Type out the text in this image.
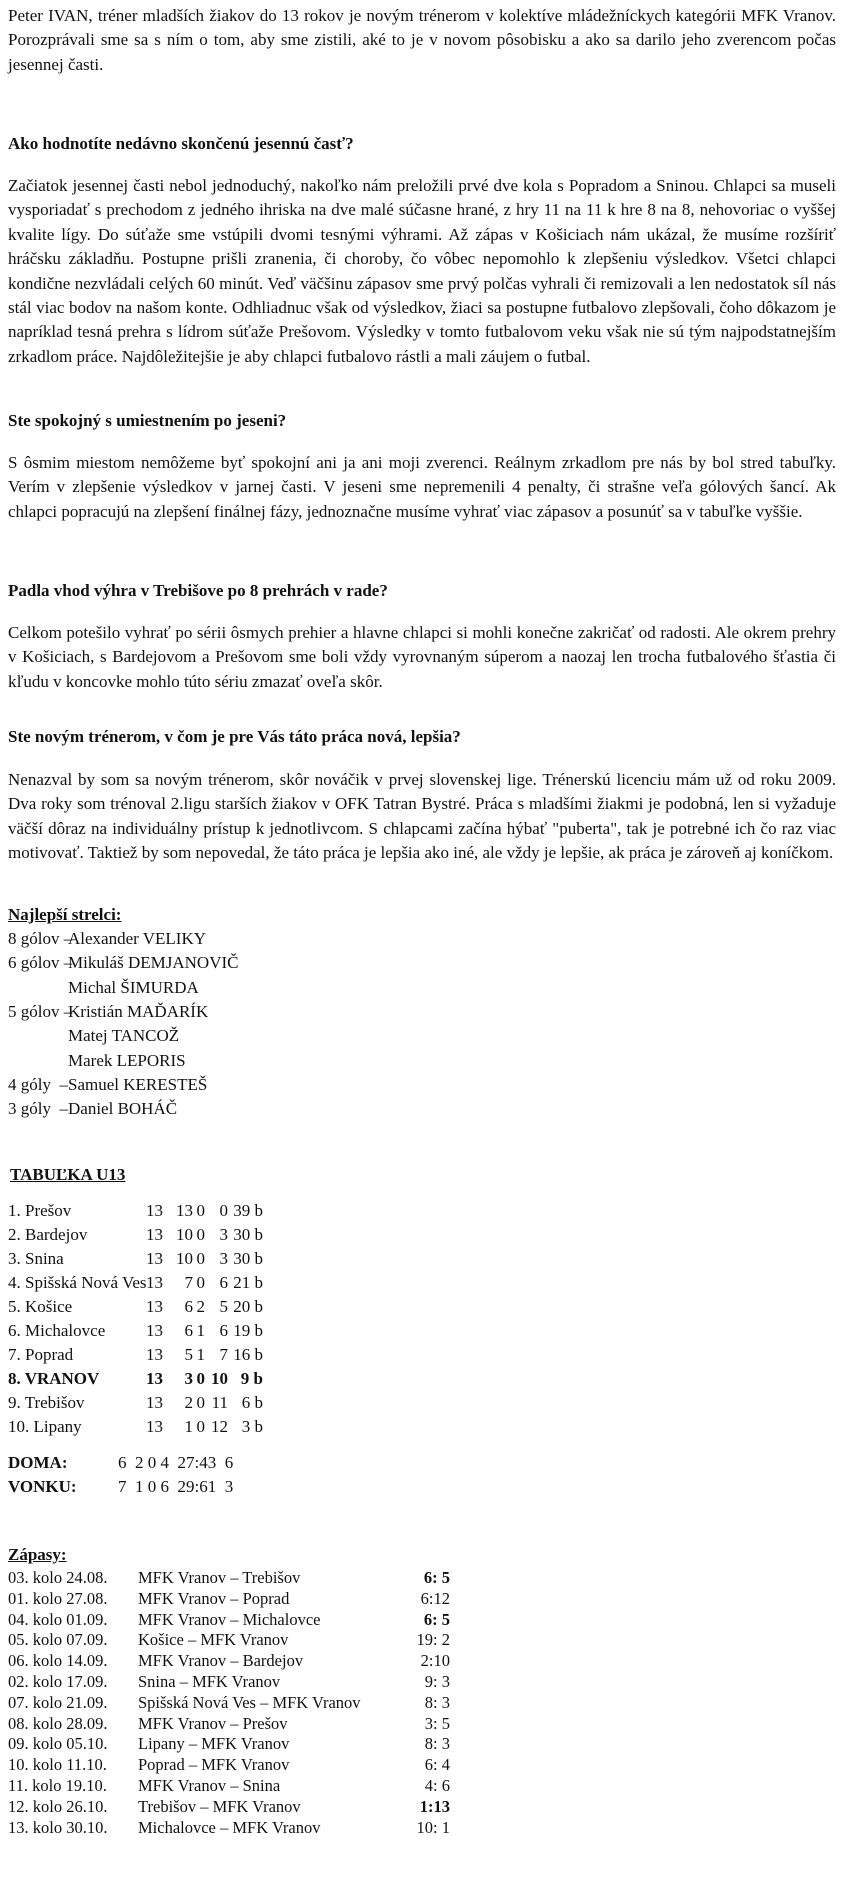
Peter IVAN, tréner mladších žiakov do 13 rokov je novým trénerom v kolektíve mládežníckych kategórii MFK Vranov. Porozprávali sme sa s ním o tom, aby sme zistili, aké to je v novom pôsobisku a ako sa darilo jeho zverencom počas jesennej časti.

Ako hodnotíte nedávno skončenú jesennú časť?

Začiatok jesennej časti nebol jednoduchý, nakoľko nám preložili prvé dve kola s Popradom a Sninou. Chlapci sa museli vysporiadať s prechodom z jedného ihriska na dve malé súčasne hrané, z hry 11 na 11 k hre 8 na 8, nehovoriac o vyššej kvalite lígy. Do súťaže sme vstúpili dvomi tesnými výhrami. Až zápas v Košiciach nám ukázal, že musíme rozšíriť hráčsku základňu. Postupne prišli zranenia, či choroby, čo vôbec nepomohlo k zlepšeniu výsledkov. Všetci chlapci kondične nezvládali celých 60 minút. Veď väčšinu zápasov sme prvý polčas vyhrali či remizovali a len nedostatok síl nás stál viac bodov na našom konte. Odhliadnuc však od výsledkov, žiaci sa postupne futbalovo zlepšovali, čoho dôkazom je napríklad tesná prehra s lídrom súťaže Prešovom. Výsledky v tomto futbalovom veku však nie sú tým najpodstatnejším zrkadlom práce. Najdôležitejšie je aby chlapci futbalovo rástli a mali záujem o futbal.

Ste spokojný s umiestnením po jeseni?

S ôsmim miestom nemôžeme byť spokojní ani ja ani moji zverenci. Reálnym zrkadlom pre nás by bol stred tabuľky. Verím v zlepšenie výsledkov v jarnej časti. V jeseni sme nepremenili 4 penalty, či strašne veľa gólových šancí. Ak chlapci popracujú na zlepšení finálnej fázy, jednoznačne musíme vyhrať viac zápasov a posunúť sa v tabuľke vyššie.

Padla vhod výhra v Trebišove po 8 prehrách v rade?

Celkom potešilo vyhrať po sérii ôsmych prehier a hlavne chlapci si mohli konečne zakričať od radosti. Ale okrem prehry v Košiciach, s Bardejovom a Prešovom sme boli vždy vyrovnaným súperom a naozaj len trocha futbalového šťastia či kľudu v koncovke mohlo túto sériu zmazať oveľa skôr.

Ste novým trénerom, v čom je pre Vás táto práca nová, lepšia?

Nenazval by som sa novým trénerom, skôr nováčik v prvej slovenskej lige. Trénerskú licenciu mám už od roku 2009. Dva roky som trénoval 2.ligu starších žiakov v OFK Tatran Bystré. Práca s mladšími žiakmi je podobná, len si vyžaduje väčší dôraz na individuálny prístup k jednotlivcom. S chlapcami začína hýbať "puberta", tak je potrebné ich čo raz viac motivovať. Taktiež by som nepovedal, že táto práca je lepšia ako iné, ale vždy je lepšie, ak práca je zároveň aj koníčkom.

Najlepší strelci:
8 gólov –
Alexander VELIKY
6 gólov –
Mikuláš DEMJANOVIČ
Michal ŠIMURDA
5 gólov –
Kristián MAĎARÍK
Matej TANCOŽ
Marek LEPORIS
4 góly  – Samuel KERESTEŠ
3 góly  – Daniel BOHÁČ
TABUĽKA U13
1. Prešov	13 13 0 0 39 b
2. Bardejov	13 10 0 3 30 b
3. Snina	13 10 0 3 30 b
4. Spišská Nová Ves 13	7 0 6 21 b
5. Košice	13	6 2 5 20 b
6. Michalovce	13	6 1 6 19 b
7. Poprad	13	5 1 7 16 b
8. VRANOV	13	3 0 10 9 b
9. Trebišov	13	2 0 11 6 b
10. Lipany	13	1 0 12 3 b
DOMA:	6  2 0 4  27:43  6
VONKU: 7  1 0 6  29:61  3
Zápasy:
03. kolo 24.08. MFK Vranov – Trebišov	6: 5
01. kolo 27.08. MFK Vranov – Poprad	6:12
04. kolo 01.09. MFK Vranov – Michalovce	6: 5
05. kolo 07.09. Košice – MFK Vranov	19: 2
06. kolo 14.09. MFK Vranov – Bardejov	2:10
02. kolo 17.09. Snina – MFK Vranov	9: 3
07. kolo 21.09. Spišská Nová Ves – MFK Vranov	8: 3
08. kolo 28.09. MFK Vranov – Prešov	3: 5
09. kolo 05.10. Lipany – MFK Vranov	8: 3
10. kolo 11.10. Poprad – MFK Vranov	6: 4
11. kolo 19.10. MFK Vranov – Snina	4: 6
12. kolo 26.10. Trebišov – MFK Vranov	1:13
13. kolo 30.10. Michalovce – MFK Vranov	10: 1
